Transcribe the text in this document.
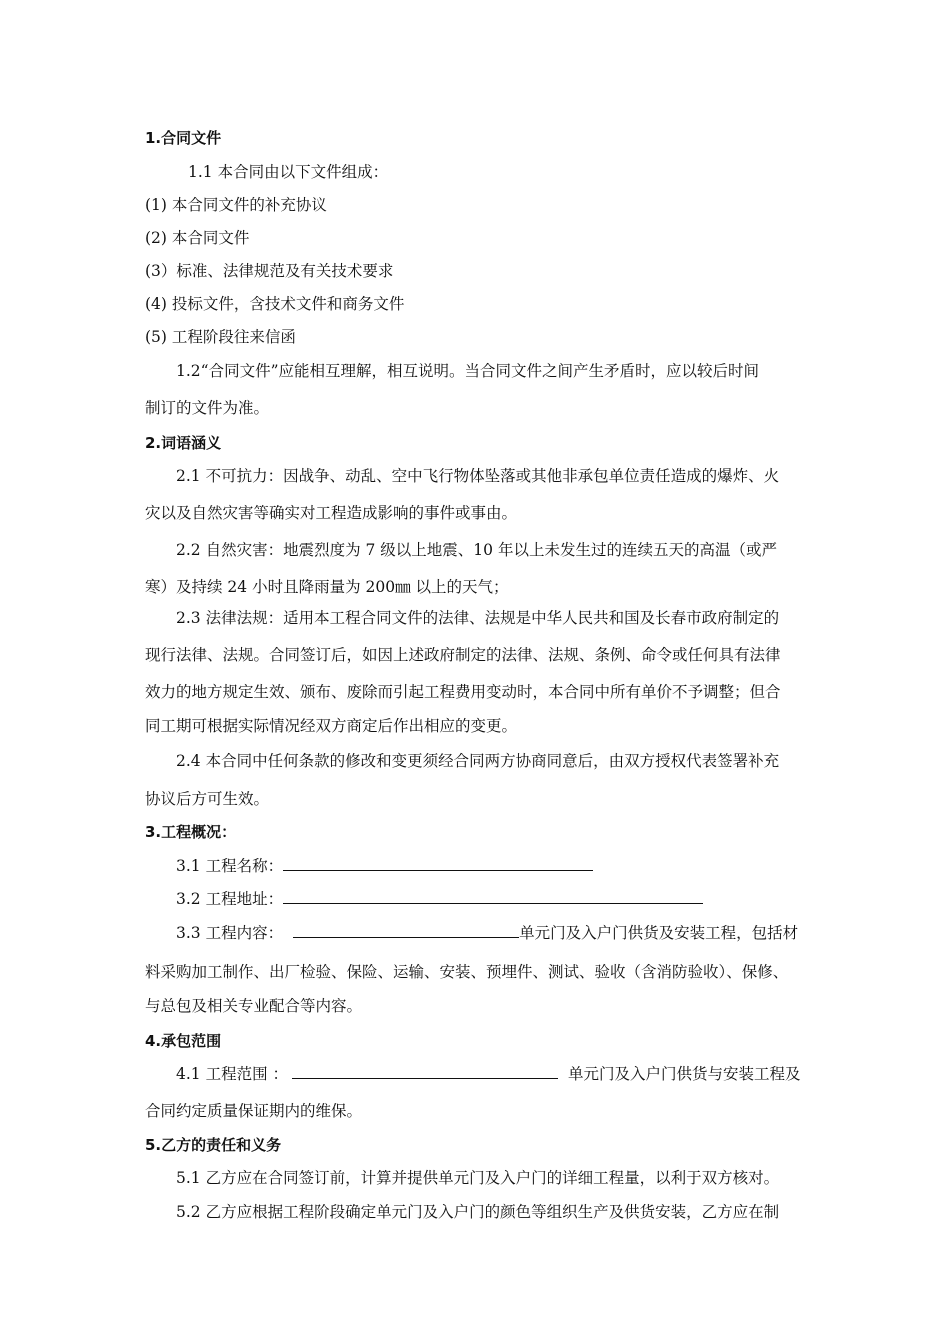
1.合同文件
1.1 本合同由以下文件组成：
(1) 本合同文件的补充协议
(2) 本合同文件
(3）标准、法律规范及有关技术要求
(4) 投标文件，含技术文件和商务文件
(5) 工程阶段往来信函
1.2“合同文件”应能相互理解，相互说明。当合同文件之间产生矛盾时，应以较后时间
制订的文件为准。
2.词语涵义
2.1 不可抗力：因战争、动乱、空中飞行物体坠落或其他非承包单位责任造成的爆炸、火
灾以及自然灾害等确实对工程造成影响的事件或事由。
2.2 自然灾害：地震烈度为 7 级以上地震、10 年以上未发生过的连续五天的高温（或严
寒）及持续 24 小时且降雨量为 200㎜ 以上的天气；
2.3 法律法规：适用本工程合同文件的法律、法规是中华人民共和国及长春市政府制定的
现行法律、法规。合同签订后，如因上述政府制定的法律、法规、条例、命令或任何具有法律
效力的地方规定生效、颁布、废除而引起工程费用变动时，本合同中所有单价不予调整；但合
同工期可根据实际情况经双方商定后作出相应的变更。
2.4 本合同中任何条款的修改和变更须经合同两方协商同意后，由双方授权代表签署补充
协议后方可生效。
3.工程概况：
3.1 工程名称：
3.2 工程地址：
3.3 工程内容：	单元门及入户门供货及安装工程，包括材
料采购加工制作、出厂检验、保险、运输、安装、预埋件、测试、验收（含消防验收）、保修、
与总包及相关专业配合等内容。
4.承包范围
4.1 工程范围 ：	单元门及入户门供货与安装工程及
合同约定质量保证期内的维保。
5.乙方的责任和义务
5.1 乙方应在合同签订前，计算并提供单元门及入户门的详细工程量，以利于双方核对。
5.2 乙方应根据工程阶段确定单元门及入户门的颜色等组织生产及供货安装，乙方应在制
